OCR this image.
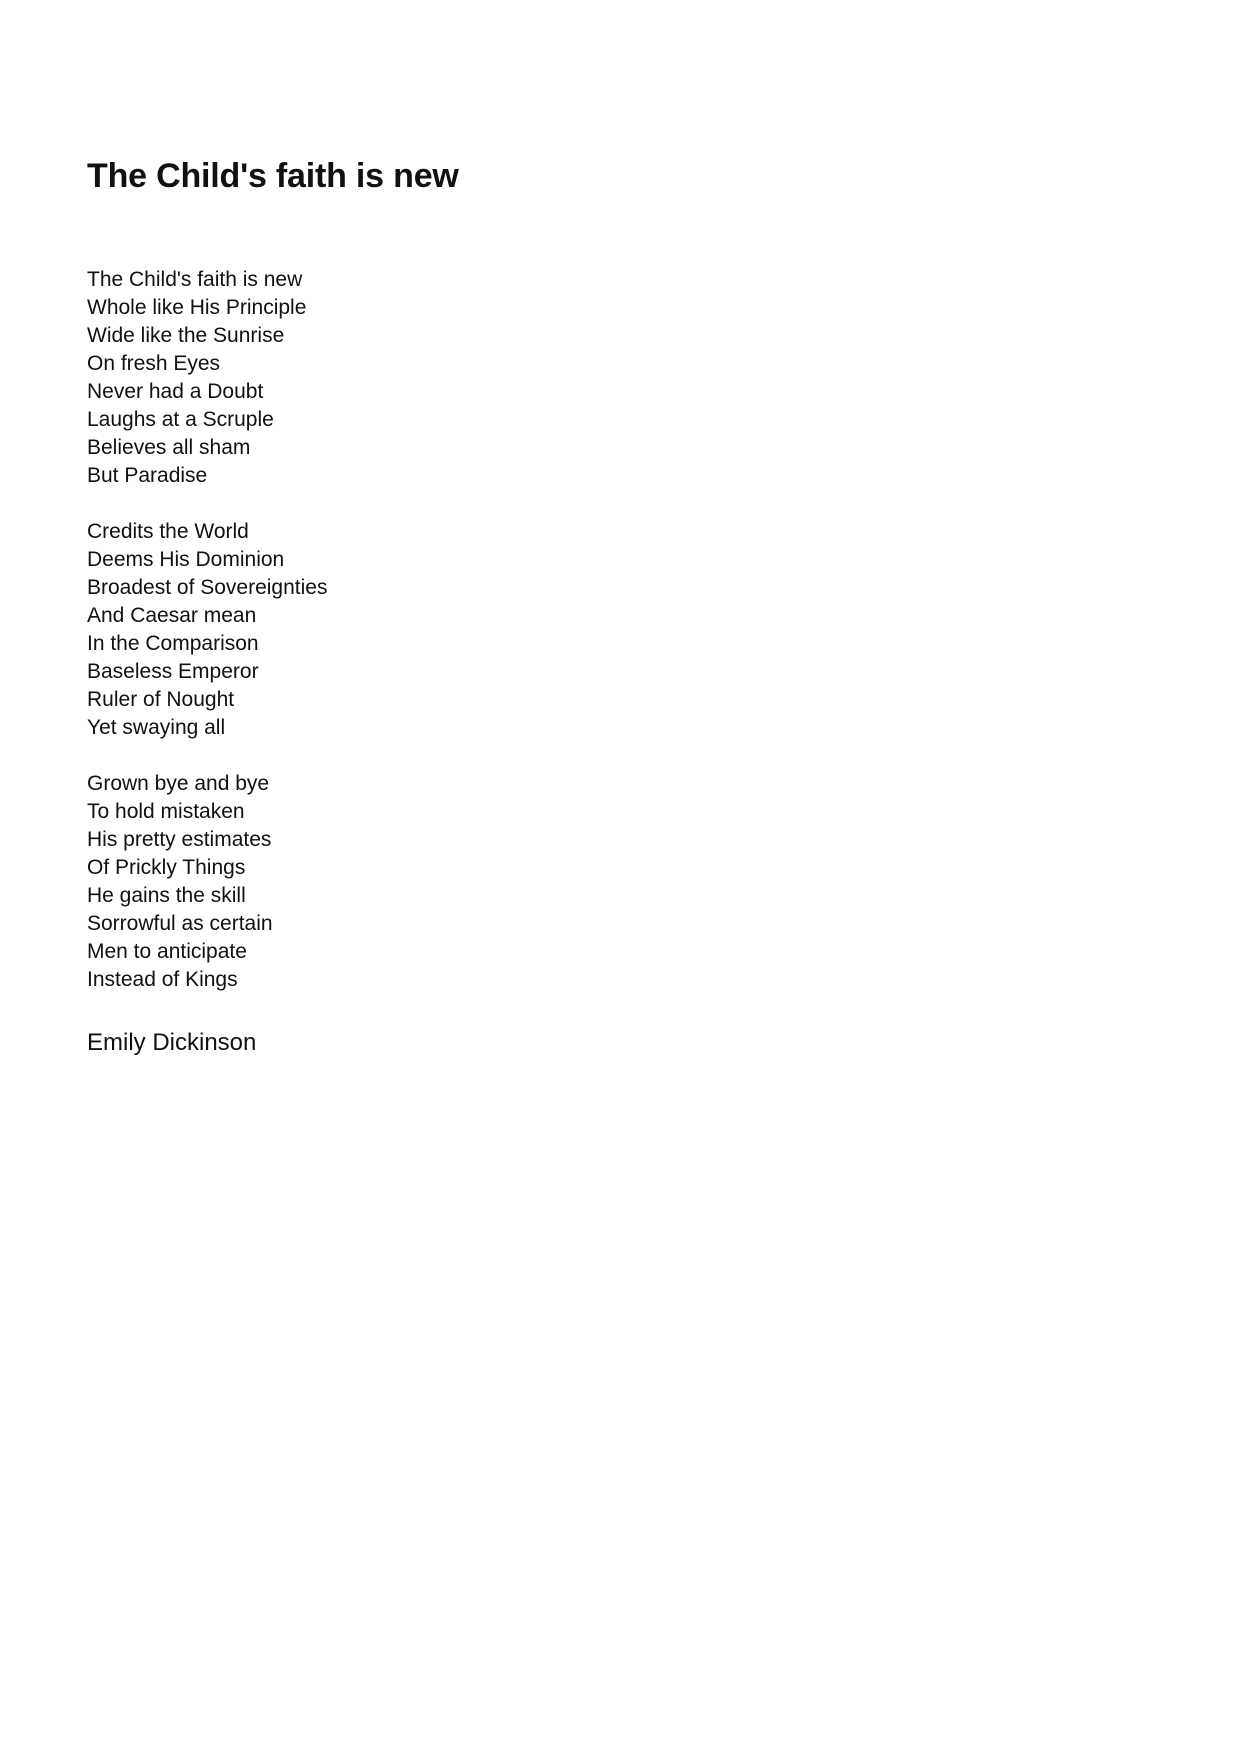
The Child's faith is new
The Child's faith is new
Whole like His Principle
Wide like the Sunrise
On fresh Eyes
Never had a Doubt
Laughs at a Scruple
Believes all sham
But Paradise
Credits the World
Deems His Dominion
Broadest of Sovereignties
And Caesar mean
In the Comparison
Baseless Emperor
Ruler of Nought
Yet swaying all
Grown bye and bye
To hold mistaken
His pretty estimates
Of Prickly Things
He gains the skill
Sorrowful as certain
Men to anticipate
Instead of Kings
Emily Dickinson
